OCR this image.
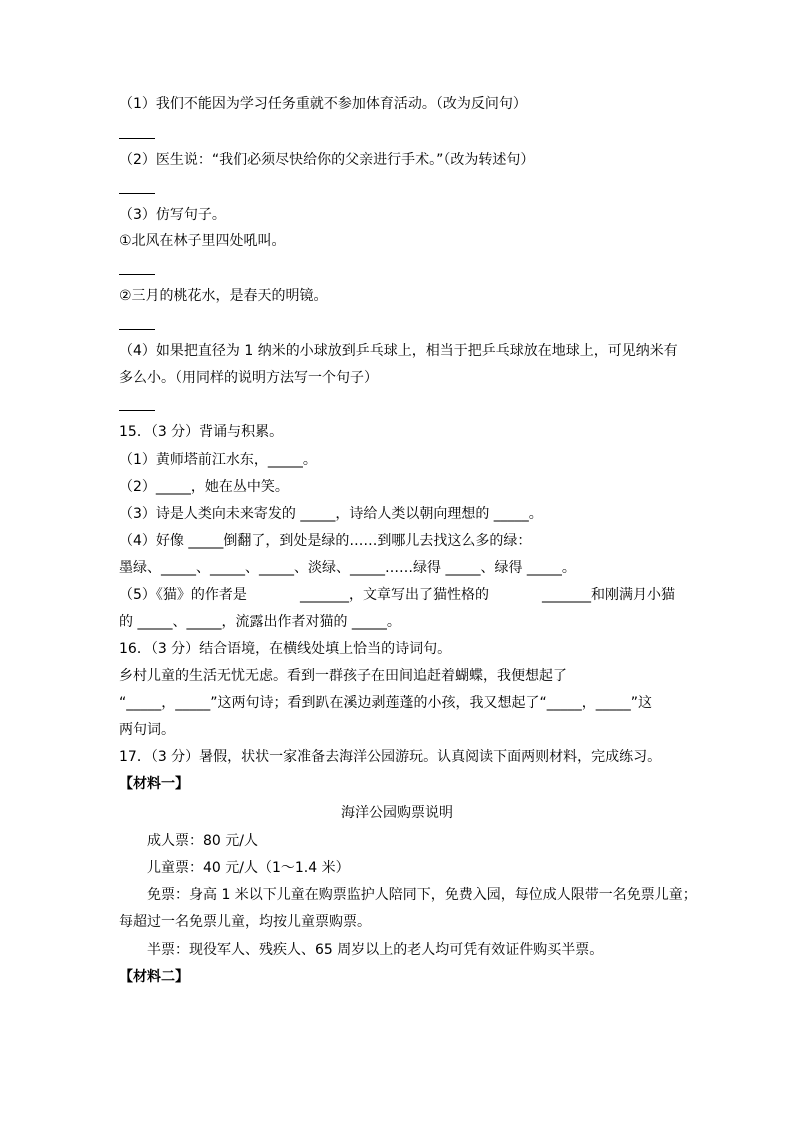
（1）我们不能因为学习任务重就不参加体育活动。（改为反问句）
（2）医生说：“我们必须尽快给你的父亲进行手术。”（改为转述句）
（3）仿写句子。
①北风在林子里四处吼叫。
②三月的桃花水，是春天的明镜。
（4）如果把直径为 1 纳米的小球放到乒乓球上，相当于把乒乓球放在地球上，可见纳米有
多么小。（用同样的说明方法写一个句子）
15．（3 分）背诵与积累。
（1）黄师塔前江水东，_____。
（2）_____，她在丛中笑。
（3）诗是人类向未来寄发的 _____，诗给人类以朝向理想的 _____。
（4）好像 _____倒翻了，到处是绿的……到哪儿去找这么多的绿：
墨绿、_____、_____、_____、淡绿、_____……绿得 _____、绿得 _____。
（5）《猫》的作者是	_______，文章写出了猫性格的	_______和刚满月小猫
的 _____、_____，流露出作者对猫的 _____。
16．（3 分）结合语境，在横线处填上恰当的诗词句。
乡村儿童的生活无忧无虑。看到一群孩子在田间追赶着蝴蝶，我便想起了
“_____，_____”这两句诗；看到趴在溪边剥莲蓬的小孩，我又想起了“_____，_____”这
两句词。
17．（3 分）暑假，状状一家准备去海洋公园游玩。认真阅读下面两则材料，完成练习。
【材料一】
海洋公园购票说明
成人票：80 元/人
儿童票：40 元/人（1～1.4 米）
免票：身高 1 米以下儿童在购票监护人陪同下，免费入园，每位成人限带一名免票儿童；
每超过一名免票儿童，均按儿童票购票。
半票：现役军人、残疾人、65 周岁以上的老人均可凭有效证件购买半票。
【材料二】
